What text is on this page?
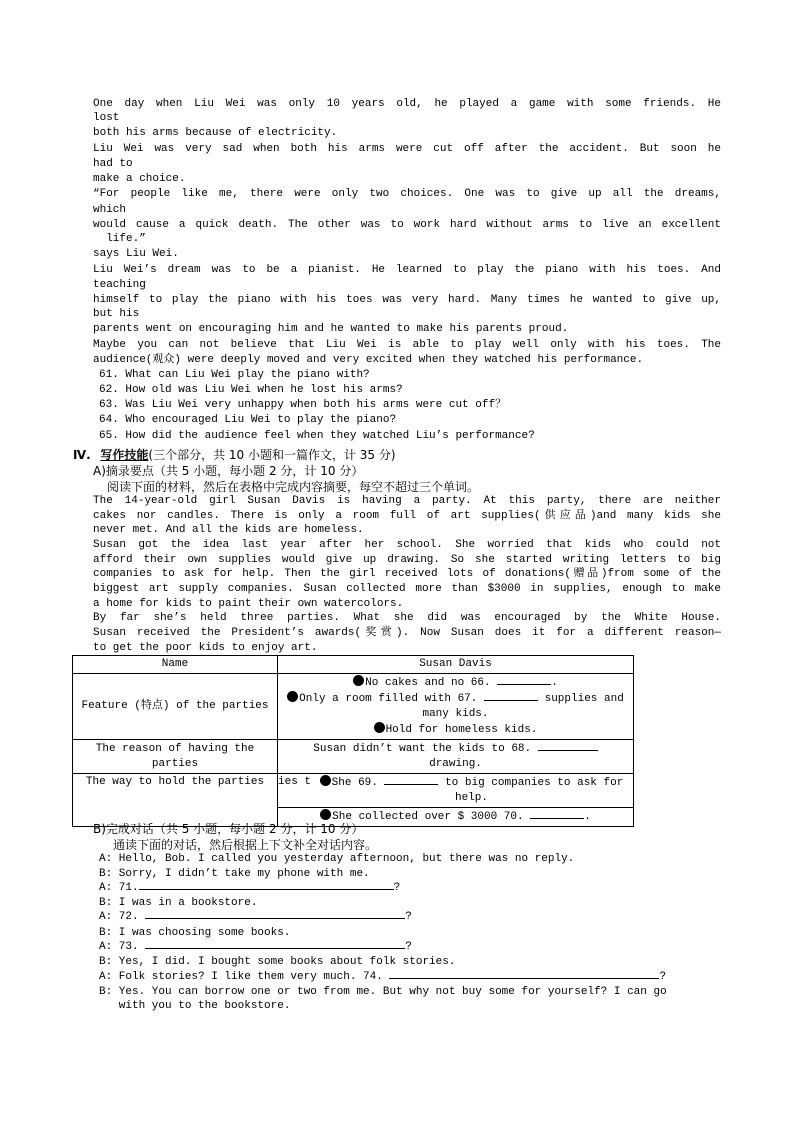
One day when Liu Wei was only 10 years old, he played a game with some friends. He
lost
both his arms because of electricity.
Liu Wei was very sad when both his arms were cut off after the accident. But soon he
had to
make a choice.
“For people like me, there were only two choices. One was to give up all the dreams,
which
would cause a quick death. The other was to work hard without arms to live an excellent
life.”
says Liu Wei.
Liu Wei’s dream was to be a pianist. He learned to play the piano with his toes. And
teaching
himself to play the piano with his toes was very hard. Many times he wanted to give up,
but his
parents went on encouraging him and he wanted to make his parents proud.
Maybe you can not believe that Liu Wei is able to play well only with his toes. The
audience(观众) were deeply moved and very excited when they watched his performance.
61. What can Liu Wei play the piano with?
62. How old was Liu Wei when he lost his arms?
63. Was Liu Wei very unhappy when both his arms were cut off？
64. Who encouraged Liu Wei to play the piano?
65. How did the audience feel when they watched Liu’s performance?
Ⅳ. 写作技能(三个部分，共 10 小题和一篇作文，计 35 分)
A)摘录要点（共 5 小题，每小题 2 分，计 10 分）
阅读下面的材料，然后在表格中完成内容摘要，每空不超过三个单词。
The 14-year-old girl Susan Davis is having a party. At this party, there are neither
cakes nor candles. There is only a room full of art supplies(供应品)and many kids she
never met. And all the kids are homeless.
Susan got the idea last year after her school. She worried that kids who could not
afford their own supplies would give up drawing. So she started writing letters to big
companies to ask for help. Then the girl received lots of donations(赠品)from some of the
biggest art supply companies. Susan collected more than $3000 in supplies, enough to make
a home for kids to paint their own watercolors.
By far she’s held three parties. What she did was encouraged by the White House.
Susan received the President’s awards(奖赏). Now Susan does it for a different reason—
to get the poor kids to enjoy art.
Name	Susan Davis
Feature (特点) of the parties	No cakes and no 66. .
Only a room filled with 67. supplies and
many kids.
Hold for homeless kids.

The reason of having the parties	Susan didn’t want the kids to 68.
drawing.

The way to hold the parties	ies t She 69. to big companies to ask for
help.
She collected over $ 3000 70. .
B)完成对话（共 5 小题，每小题 2 分，计 10 分）
通读下面的对话，然后根据上下文补全对话内容。
A: Hello, Bob. I called you yesterday afternoon, but there was no reply.
B: Sorry, I didn’t take my phone with me.
A: 71.	?
B: I was in a bookstore.
A: 72.	?
B: I was choosing some books.
A: 73.	?
B: Yes, I did. I bought some books about folk stories.
A: Folk stories? I like them very much. 74.	?
B: Yes. You can borrow one or two from me. But why not buy some for yourself? I can go
with you to the bookstore.
